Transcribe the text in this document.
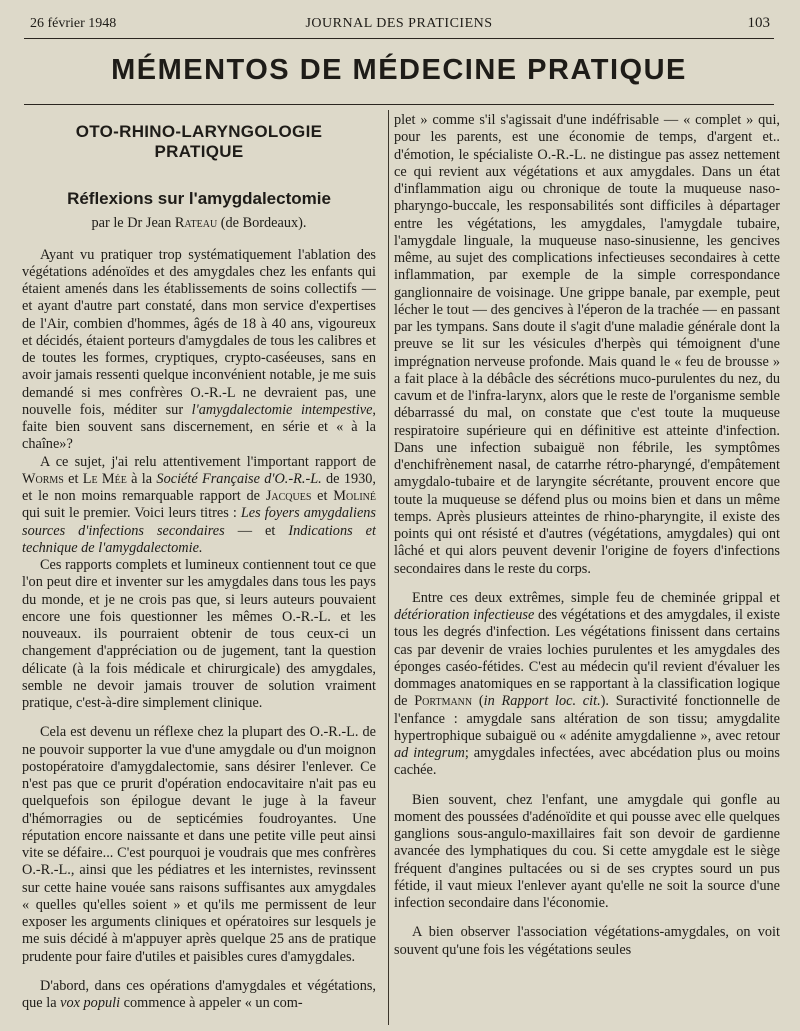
26 février 1948	JOURNAL DES PRATICIENS	103
MÉMENTOS DE MÉDECINE PRATIQUE
OTO-RHINO-LARYNGOLOGIE
PRATIQUE
Réflexions sur l'amygdalectomie
par le Dr Jean Rateau (de Bordeaux).

Ayant vu pratiquer trop systématiquement l'ablation des végétations adénoïdes et des amygdales chez les enfants qui étaient amenés dans les établissements de soins collectifs — et ayant d'autre part constaté, dans mon service d'expertises de l'Air, combien d'hommes, âgés de 18 à 40 ans, vigoureux et décidés, étaient porteurs d'amygdales de tous les calibres et de toutes les formes, cryptiques, crypto-caséeuses, sans en avoir jamais ressenti quelque inconvénient notable, je me suis demandé si mes confrères O.-R.-L ne devraient pas, une nouvelle fois, méditer sur l'amygdalectomie intempestive, faite bien souvent sans discernement, en série et « à la chaîne»?

A ce sujet, j'ai relu attentivement l'important rapport de Worms et Le Mée à la Société Française d'O.-R.-L. de 1930, et le non moins remarquable rapport de Jacques et Moliné qui suit le premier. Voici leurs titres : Les foyers amygdaliens sources d'infections secondaires — et Indications et technique de l'amygdalectomie.

Ces rapports complets et lumineux contiennent tout ce que l'on peut dire et inventer sur les amygdales dans tous les pays du monde, et je ne crois pas que, si leurs auteurs pouvaient encore une fois questionner les mêmes O.-R.-L. et les nouveaux. ils pourraient obtenir de tous ceux-ci un changement d'appréciation ou de jugement, tant la question délicate (à la fois médicale et chirurgicale) des amygdales, semble ne devoir jamais trouver de solution vraiment pratique, c'est-à-dire simplement clinique.

Cela est devenu un réflexe chez la plupart des O.-R.-L. de ne pouvoir supporter la vue d'une amygdale ou d'un moignon postopératoire d'amygdalectomie, sans désirer l'enlever. Ce n'est pas que ce prurit d'opération endocavitaire n'ait pas eu quelquefois son épilogue devant le juge à la faveur d'hémorragies ou de septicémies foudroyantes. Une réputation encore naissante et dans une petite ville peut ainsi vite se défaire... C'est pourquoi je voudrais que mes confrères O.-R.-L., ainsi que les pédiatres et les internistes, revinssent sur cette haine vouée sans raisons suffisantes aux amygdales « quelles qu'elles soient » et qu'ils me permissent de leur exposer les arguments cliniques et opératoires sur lesquels je me suis décidé à m'appuyer après quelque 25 ans de pratique prudente pour faire d'utiles et paisibles cures d'amygdales.

D'abord, dans ces opérations d'amygdales et végétations, que la vox populi commence à appeler « un com-

plet » comme s'il s'agissait d'une indéfrisable — « complet » qui, pour les parents, est une économie de temps, d'argent et.. d'émotion, le spécialiste O.-R.-L. ne distingue pas assez nettement ce qui revient aux végétations et aux amygdales. Dans un état d'inflammation aigu ou chronique de toute la muqueuse naso-pharyngo-buccale, les responsabilités sont difficiles à départager entre les végétations, les amygdales, l'amygdale tubaire, l'amygdale linguale, la muqueuse naso-sinusienne, les gencives même, au sujet des complications infectieuses secondaires à cette inflammation, par exemple de la simple correspondance ganglionnaire de voisinage. Une grippe banale, par exemple, peut lécher le tout — des gencives à l'éperon de la trachée — en passant par les tympans. Sans doute il s'agit d'une maladie générale dont la preuve se lit sur les vésicules d'herpès qui témoignent d'une imprégnation nerveuse profonde. Mais quand le « feu de brousse » a fait place à la débâcle des sécrétions muco-purulentes du nez, du cavum et de l'infra-larynx, alors que le reste de l'organisme semble débarrassé du mal, on constate que c'est toute la muqueuse respiratoire supérieure qui en définitive est atteinte d'infection. Dans une infection subaiguë non fébrile, les symptômes d'enchifrènement nasal, de catarrhe rétro-pharyngé, d'empâtement amygdalo-tubaire et de laryngite sécrétante, prouvent encore que toute la muqueuse se défend plus ou moins bien et dans un même temps. Après plusieurs atteintes de rhino-pharyngite, il existe des points qui ont résisté et d'autres (végétations, amygdales) qui ont lâché et qui alors peuvent devenir l'origine de foyers d'infections secondaires dans le reste du corps.

Entre ces deux extrêmes, simple feu de cheminée grippal et détérioration infectieuse des végétations et des amygdales, il existe tous les degrés d'infection. Les végétations finissent dans certains cas par devenir de vraies lochies purulentes et les amygdales des éponges caséo-fétides. C'est au médecin qu'il revient d'évaluer les dommages anatomiques en se rapportant à la classification logique de Portmann (in Rapport loc. cit.). Suractivité fonctionnelle de l'enfance : amygdale sans altération de son tissu; amygdalite hypertrophique subaiguë ou « adénite amygdalienne », avec retour ad integrum; amygdales infectées, avec abcédation plus ou moins cachée.

Bien souvent, chez l'enfant, une amygdale qui gonfle au moment des poussées d'adénoïdite et qui pousse avec elle quelques ganglions sous-angulo-maxillaires fait son devoir de gardienne avancée des lymphatiques du cou. Si cette amygdale est le siège fréquent d'angines pultacées ou si de ses cryptes sourd un pus fétide, il vaut mieux l'enlever ayant qu'elle ne soit la source d'une infection secondaire dans l'économie.

A bien observer l'association végétations-amygdales, on voit souvent qu'une fois les végétations seules
